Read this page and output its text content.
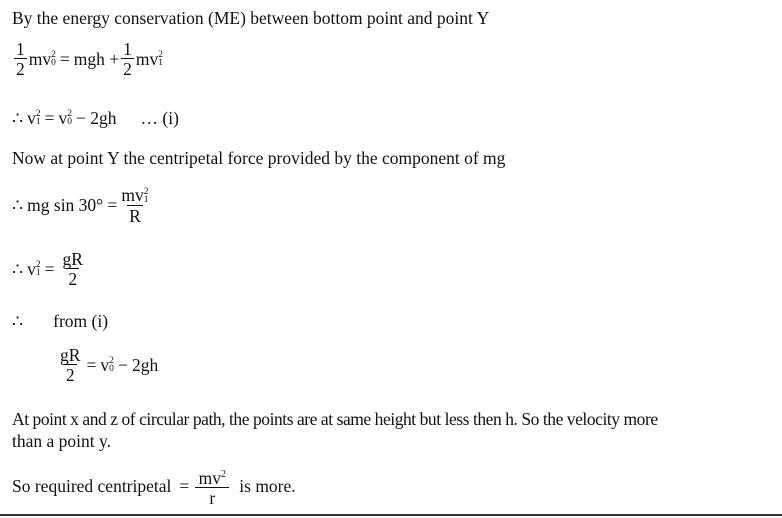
By the energy conservation (ME) between bottom point and point Y
$\frac{1}{2}$ mv 2
0 = mgh + $\frac{1}{2}$ mv 2
1
∴ v 2
1 = v 2
0 − 2gh … (i)
Now at point Y the centripetal force provided by the component of mg
∴ mg sin 30° = mv 2
1
R
∴ v 2
$1 = \frac{gR}{2}$
∴ from (i)
$\frac{gR}{2} = v$ 2
0 − 2gh
At point x and z of circular path, the points are at same height but less then h. So the velocity more
than a point y.
So required centripetal = $\frac{mv^2}{r}$ is more.
